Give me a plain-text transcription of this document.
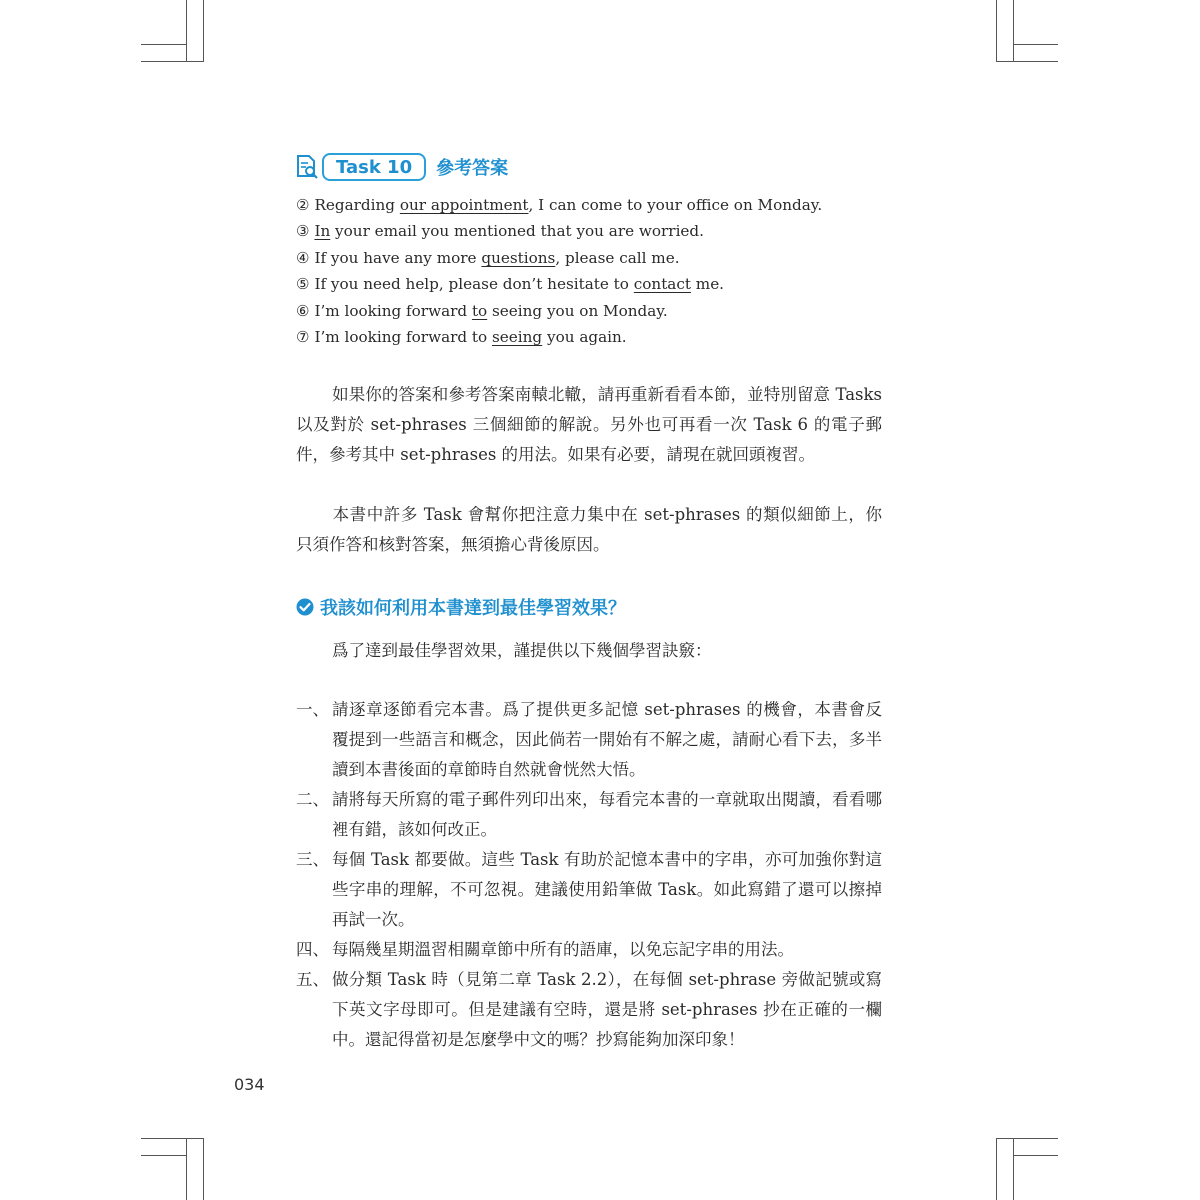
Task 10 參考答案
② Regarding our appointment, I can come to your office on Monday.
③ In your email you mentioned that you are worried.
④ If you have any more questions, please call me.
⑤ If you need help, please don’t hesitate to contact me.
⑥ I’m looking forward to seeing you on Monday.
⑦ I’m looking forward to seeing you again.
如果你的答案和參考答案南轅北轍，請再重新看看本節，並特別留意 Tasks 以及對於 set-phrases 三個細節的解說。另外也可再看一次 Task 6 的電子郵件，參考其中 set-phrases 的用法。如果有必要，請現在就回頭複習。
本書中許多 Task 會幫你把注意力集中在 set-phrases 的類似細節上，你只須作答和核對答案，無須擔心背後原因。
我該如何利用本書達到最佳學習效果？
爲了達到最佳學習效果，謹提供以下幾個學習訣竅：
一、 請逐章逐節看完本書。爲了提供更多記憶 set-phrases 的機會，本書會反覆提到一些語言和概念，因此倘若一開始有不解之處，請耐心看下去，多半讀到本書後面的章節時自然就會恍然大悟。
二、 請將每天所寫的電子郵件列印出來，每看完本書的一章就取出閱讀，看看哪裡有錯，該如何改正。
三、 每個 Task 都要做。這些 Task 有助於記憶本書中的字串，亦可加強你對這些字串的理解，不可忽視。建議使用鉛筆做 Task。如此寫錯了還可以擦掉再試一次。
四、 每隔幾星期溫習相關章節中所有的語庫，以免忘記字串的用法。
五、 做分類 Task 時（見第二章 Task 2.2），在每個 set-phrase 旁做記號或寫下英文字母即可。但是建議有空時，還是將 set-phrases 抄在正確的一欄中。還記得當初是怎麼學中文的嗎？抄寫能夠加深印象！
034
